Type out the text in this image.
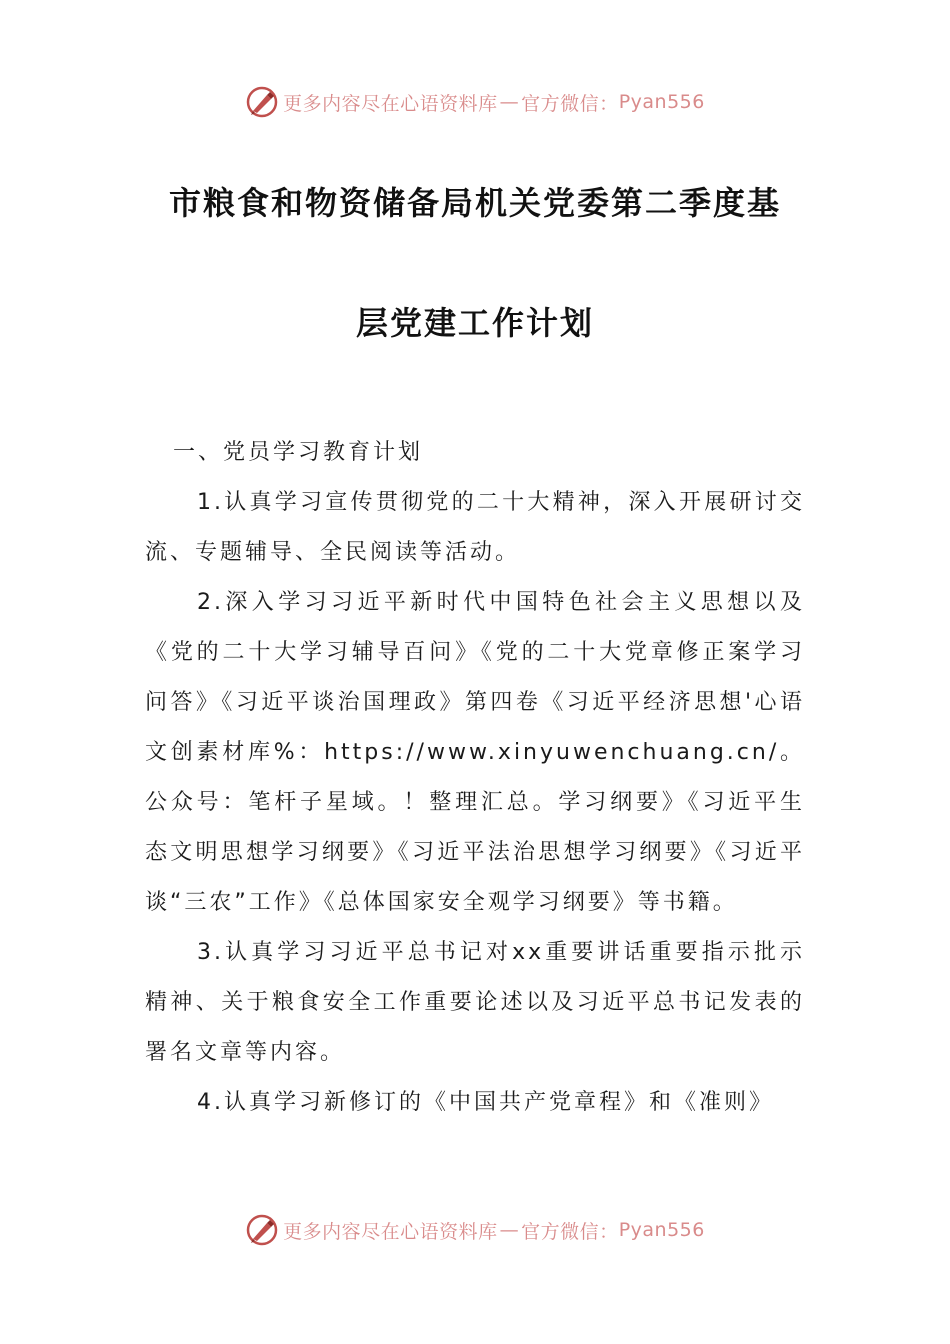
更多内容尽在心语资料库 — 官方微信： Pyan556
市粮食和物资储备局机关党委第二季度基
层党建工作计划

一、党员学习教育计划

1.认真学习宣传贯彻党的二十大精神，深入开展研讨交流、专题辅导、全民阅读等活动。

2.深入学习习近平新时代中国特色社会主义思想以及《党的二十大学习辅导百问》《党的二十大党章修正案学习问答》《习近平谈治国理政》第四卷《习近平经济思想'心语文创素材库%：https://www.xinyuwenchuang.cn/。公众号：笔杆子星域。！整理汇总。学习纲要》《习近平生态文明思想学习纲要》《习近平法治思想学习纲要》《习近平谈“三农”工作》《总体国家安全观学习纲要》等书籍。

3.认真学习习近平总书记对xx重要讲话重要指示批示精神、关于粮食安全工作重要论述以及习近平总书记发表的署名文章等内容。

4.认真学习新修订的《中国共产党章程》和《准则》

更多内容尽在心语资料库 — 官方微信： Pyan556
